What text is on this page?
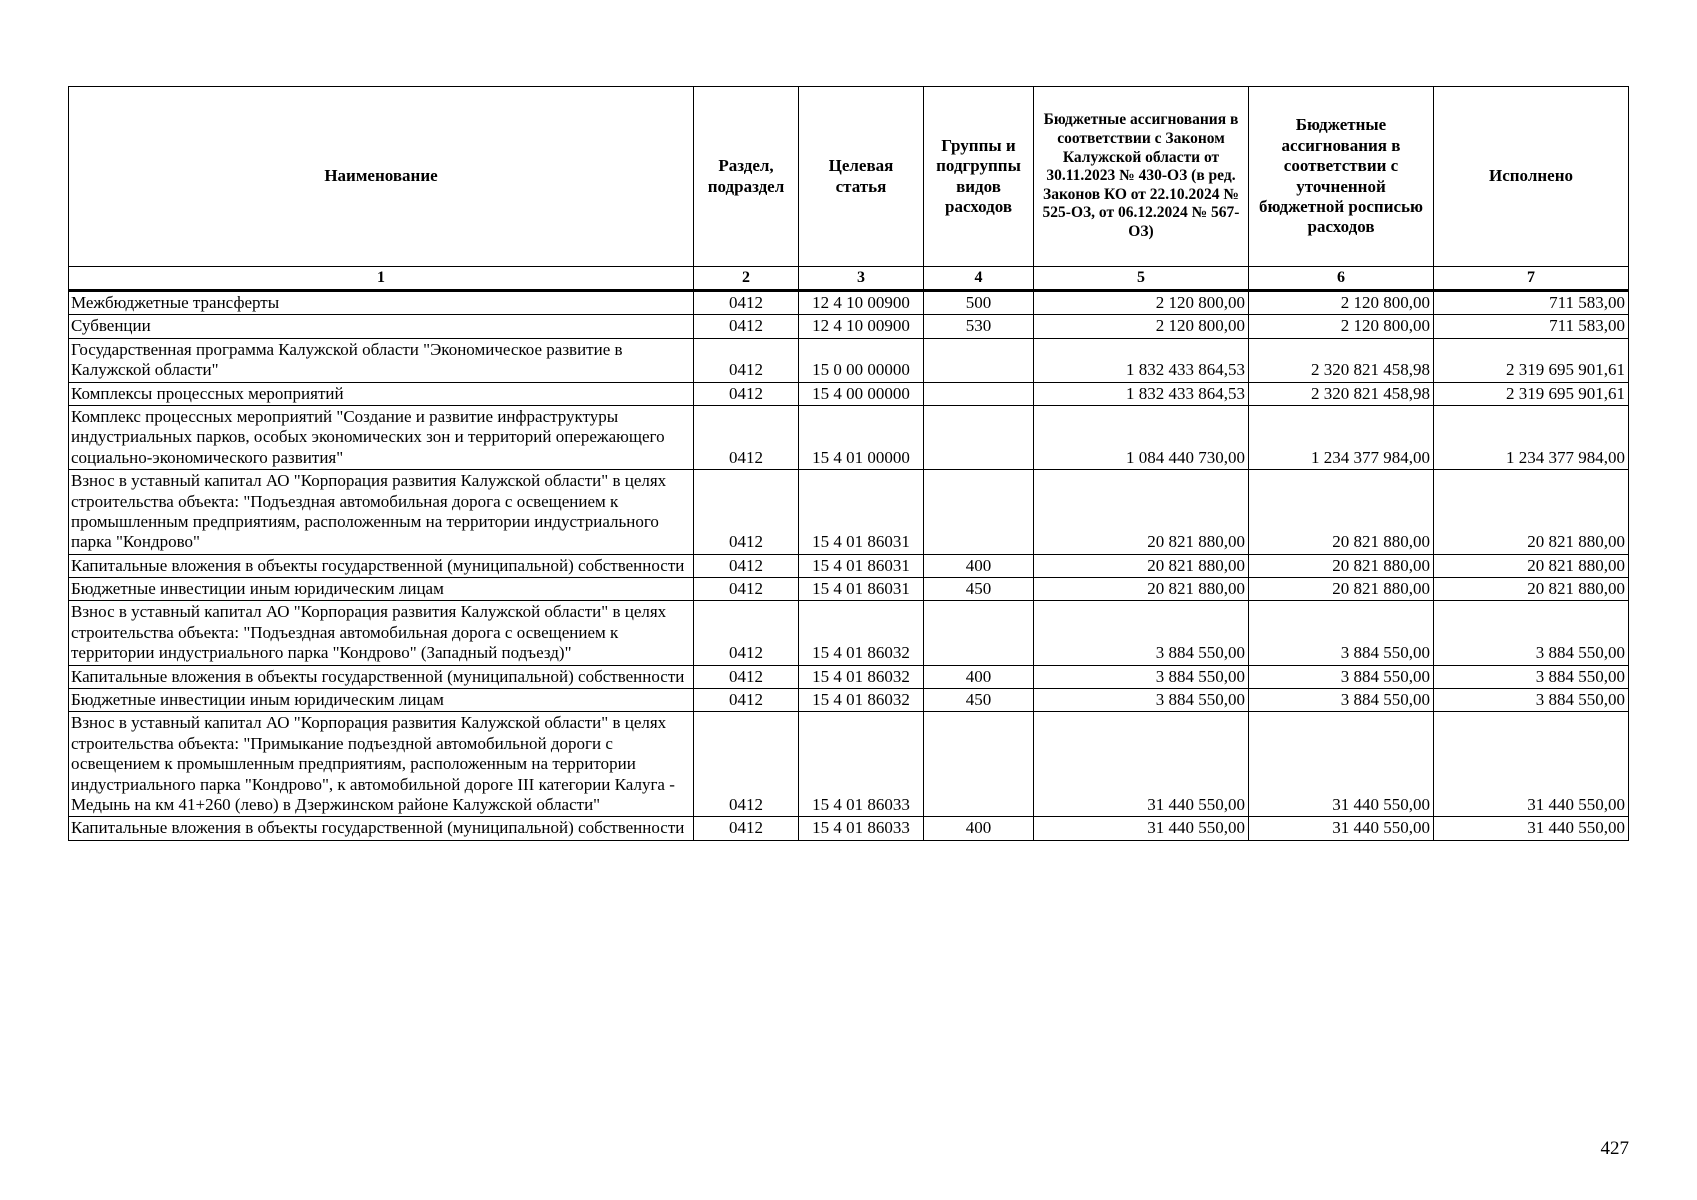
Наименование	Раздел, подраздел	Целевая статья	Группы и подгруппы видов расходов	Бюджетные ассигнования в соответствии с Законом Калужской области от 30.11.2023 № 430-ОЗ (в ред. Законов КО от 22.10.2024 № 525-ОЗ, от 06.12.2024 № 567-ОЗ)	Бюджетные ассигнования в соответствии с уточненной бюджетной росписью расходов	Исполнено
1	2	3	4	5	6	7
Межбюджетные трансферты	0412	12 4 10 00900	500	2 120 800,00	2 120 800,00	711 583,00
Субвенции	0412	12 4 10 00900	530	2 120 800,00	2 120 800,00	711 583,00
Государственная программа Калужской области "Экономическое развитие в Калужской области"	0412	15 0 00 00000		1 832 433 864,53	2 320 821 458,98	2 319 695 901,61
Комплексы процессных мероприятий	0412	15 4 00 00000		1 832 433 864,53	2 320 821 458,98	2 319 695 901,61
Комплекс процессных мероприятий "Создание и развитие инфраструктуры индустриальных парков, особых экономических зон и территорий опережающего социально-экономического развития"	0412	15 4 01 00000		1 084 440 730,00	1 234 377 984,00	1 234 377 984,00
Взнос в уставный капитал АО "Корпорация развития Калужской области" в целях строительства объекта: "Подъездная автомобильная дорога с освещением к промышленным предприятиям, расположенным на территории индустриального парка "Кондрово"	0412	15 4 01 86031		20 821 880,00	20 821 880,00	20 821 880,00
Капитальные вложения в объекты государственной (муниципальной) собственности	0412	15 4 01 86031	400	20 821 880,00	20 821 880,00	20 821 880,00
Бюджетные инвестиции иным юридическим лицам	0412	15 4 01 86031	450	20 821 880,00	20 821 880,00	20 821 880,00
Взнос в уставный капитал АО "Корпорация развития Калужской области" в целях строительства объекта: "Подъездная автомобильная дорога с освещением к территории индустриального парка "Кондрово" (Западный подъезд)"	0412	15 4 01 86032		3 884 550,00	3 884 550,00	3 884 550,00
Капитальные вложения в объекты государственной (муниципальной) собственности	0412	15 4 01 86032	400	3 884 550,00	3 884 550,00	3 884 550,00
Бюджетные инвестиции иным юридическим лицам	0412	15 4 01 86032	450	3 884 550,00	3 884 550,00	3 884 550,00
Взнос в уставный капитал АО "Корпорация развития Калужской области" в целях строительства объекта: "Примыкание подъездной автомобильной дороги с освещением к промышленным предприятиям, расположенным на территории индустриального парка "Кондрово", к автомобильной дороге III категории Калуга - Медынь на км 41+260 (лево) в Дзержинском районе Калужской области"	0412	15 4 01 86033		31 440 550,00	31 440 550,00	31 440 550,00
Капитальные вложения в объекты государственной (муниципальной) собственности	0412	15 4 01 86033	400	31 440 550,00	31 440 550,00	31 440 550,00
427
